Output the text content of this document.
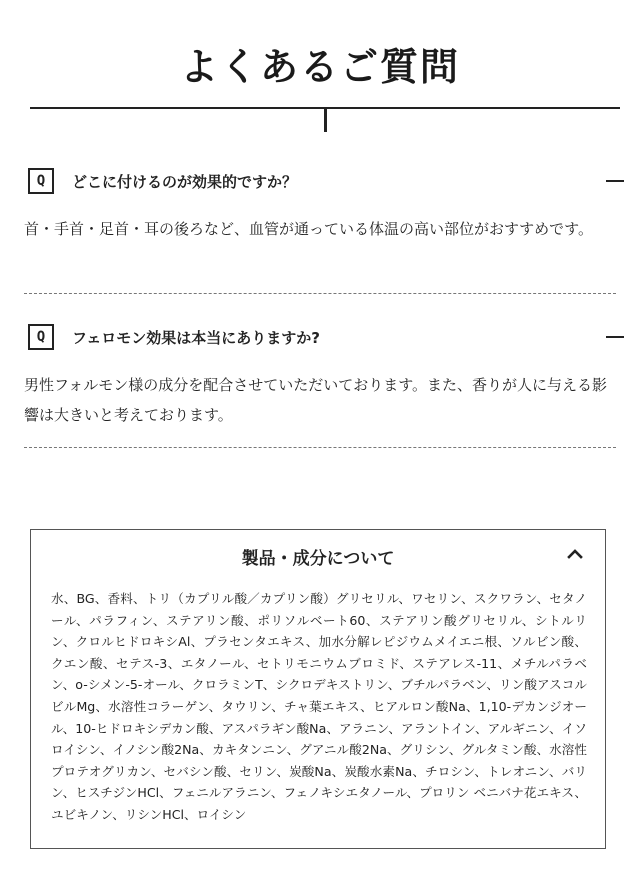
よくあるご質問
Q	どこに付けるのが効果的ですか？

首・手首・足首・耳の後ろなど、血管が通っている体温の高い部位がおすすめです。

Q	フェロモン効果は本当にありますか?

男性フォルモン様の成分を配合させていただいております。また、香りが人に与える影響は大きいと考えております。

製品・成分について

水、BG、香料、トリ（カプリル酸／カプリン酸）グリセリル、ワセリン、スクワラン、セタノール、パラフィン、ステアリン酸、ポリソルベート60、ステアリン酸グリセリル、シトルリン、クロルヒドロキシAl、プラセンタエキス、加水分解レピジウムメイエニ根、ソルビン酸、クエン酸、セテス-3、エタノール、セトリモニウムブロミド、ステアレス-11、メチルパラベン、o-シメン-5-オール、クロラミンT、シクロデキストリン、ブチルパラベン、リン酸アスコルビルMg、水溶性コラーゲン、タウリン、チャ葉エキス、ヒアルロン酸Na、1,10-デカンジオール、10-ヒドロキシデカン酸、アスパラギン酸Na、アラニン、アラントイン、アルギニン、イソロイシン、イノシン酸2Na、カキタンニン、グアニル酸2Na、グリシン、グルタミン酸、水溶性プロテオグリカン、セバシン酸、セリン、炭酸Na、炭酸水素Na、チロシン、トレオニン、バリン、ヒスチジンHCl、フェニルアラニン、フェノキシエタノール、プロリン ベニバナ花エキス、ユビキノン、リシンHCl、ロイシン
